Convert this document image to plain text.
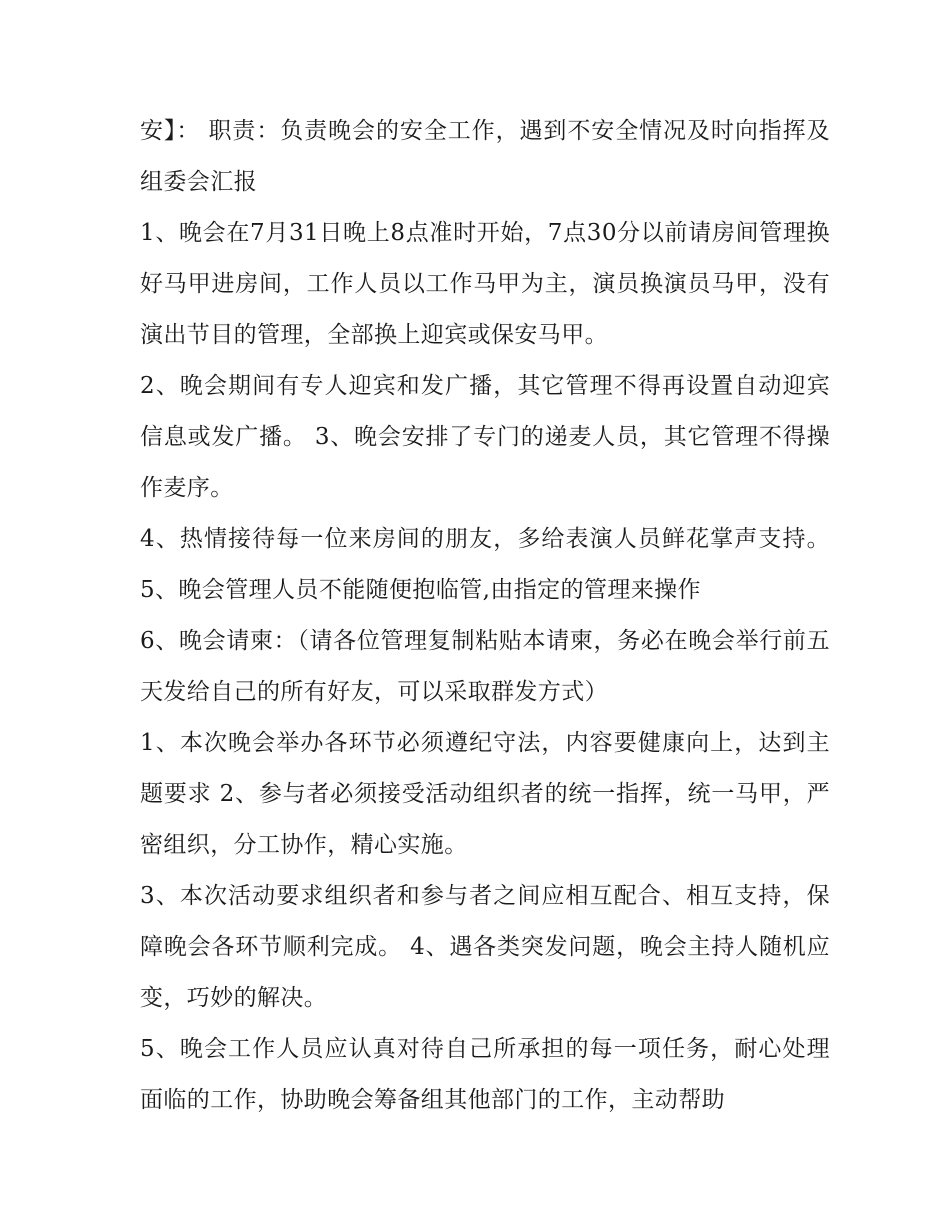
安】： 职责：负责晚会的安全工作，遇到不安全情况及时向指挥及组委会汇报

1、晚会在7月31日晚上8点准时开始，7点30分以前请房间管理换好马甲进房间，工作人员以工作马甲为主，演员换演员马甲，没有演出节目的管理，全部换上迎宾或保安马甲。

2、晚会期间有专人迎宾和发广播，其它管理不得再设置自动迎宾信息或发广播。 3、晚会安排了专门的递麦人员，其它管理不得操作麦序。

4、热情接待每一位来房间的朋友，多给表演人员鲜花掌声支持。 5、晚会管理人员不能随便抱临管,由指定的管理来操作

6、晚会请柬：（请各位管理复制粘贴本请柬，务必在晚会举行前五天发给自己的所有好友，可以采取群发方式）

1、本次晚会举办各环节必须遵纪守法，内容要健康向上，达到主题要求 2、参与者必须接受活动组织者的统一指挥，统一马甲，严密组织，分工协作，精心实施。

3、本次活动要求组织者和参与者之间应相互配合、相互支持，保障晚会各环节顺利完成。 4、遇各类突发问题，晚会主持人随机应变，巧妙的解决。

5、晚会工作人员应认真对待自己所承担的每一项任务，耐心处理面临的工作，协助晚会筹备组其他部门的工作，主动帮助
